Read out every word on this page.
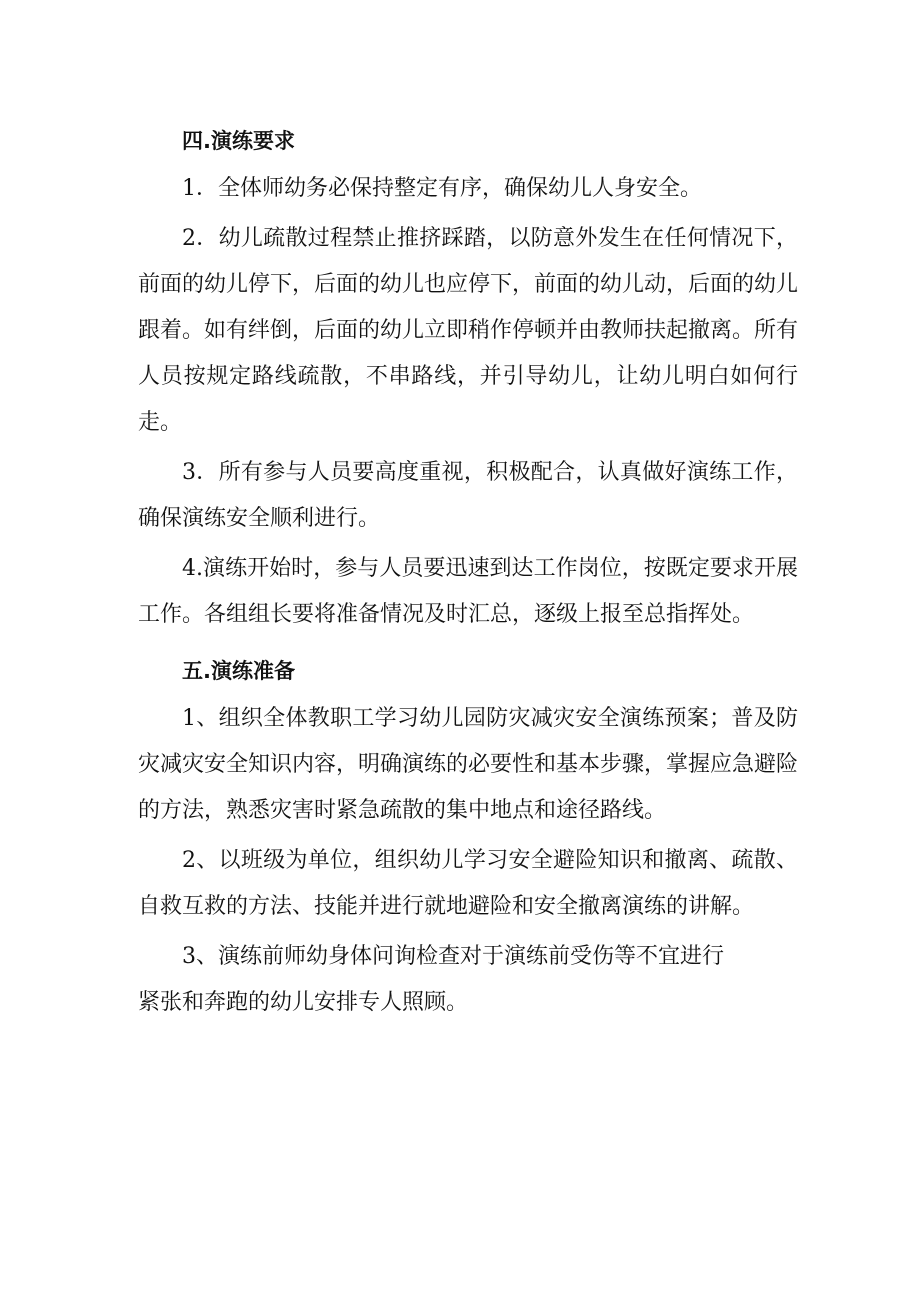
四.演练要求

1．全体师幼务必保持整定有序，确保幼儿人身安全。

2．幼儿疏散过程禁止推挤踩踏，以防意外发生在任何情况下，前面的幼儿停下，后面的幼儿也应停下，前面的幼儿动，后面的幼儿跟着。如有绊倒，后面的幼儿立即稍作停顿并由教师扶起撤离。所有人员按规定路线疏散，不串路线，并引导幼儿，让幼儿明白如何行走。

3．所有参与人员要高度重视，积极配合，认真做好演练工作，确保演练安全顺利进行。

4.演练开始时，参与人员要迅速到达工作岗位，按既定要求开展工作。各组组长要将准备情况及时汇总，逐级上报至总指挥处。

五.演练准备

1、组织全体教职工学习幼儿园防灾减灾安全演练预案；普及防灾减灾安全知识内容，明确演练的必要性和基本步骤，掌握应急避险的方法，熟悉灾害时紧急疏散的集中地点和途径路线。

2、以班级为单位，组织幼儿学习安全避险知识和撤离、疏散、自救互救的方法、技能并进行就地避险和安全撤离演练的讲解。

3、演练前师幼身体问询检查对于演练前受伤等不宜进行
紧张和奔跑的幼儿安排专人照顾。
